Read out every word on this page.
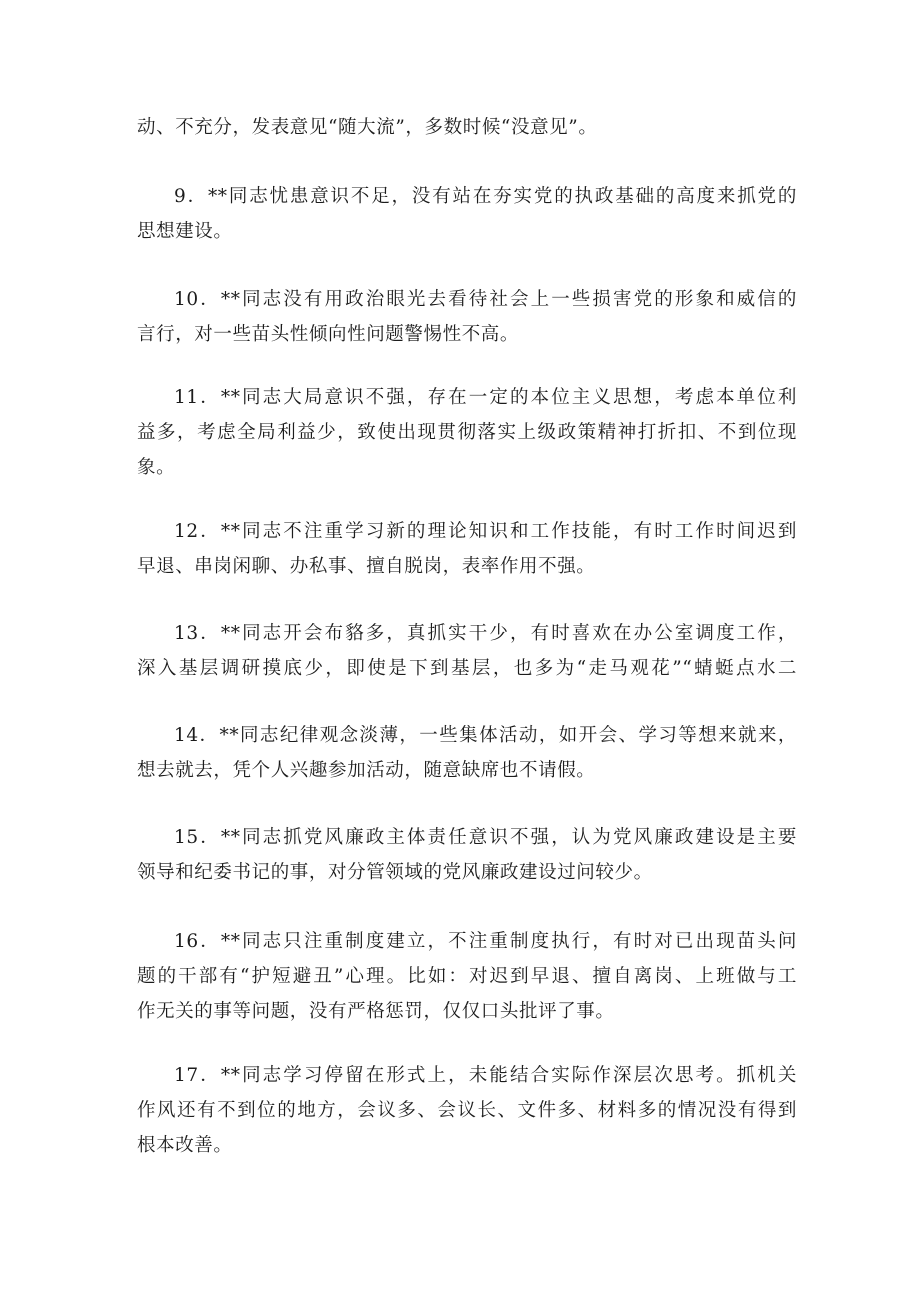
动、不充分，发表意见“随大流”，多数时候“没意见”。
9．**同志忧患意识不足，没有站在夯实党的执政基础的高度来抓党的
思想建设。
10．**同志没有用政治眼光去看待社会上一些损害党的形象和威信的
言行，对一些苗头性倾向性问题警惕性不高。
11．**同志大局意识不强，存在一定的本位主义思想，考虑本单位利
益多，考虑全局利益少，致使出现贯彻落实上级政策精神打折扣、不到位现
象。
12．**同志不注重学习新的理论知识和工作技能，有时工作时间迟到
早退、串岗闲聊、办私事、擅自脱岗，表率作用不强。
13．**同志开会布貉多，真抓实干少，有时喜欢在办公室调度工作，
深入基层调研摸底少，即使是下到基层，也多为“走马观花”“蜻蜓点水二
14．**同志纪律观念淡薄，一些集体活动，如开会、学习等想来就来，
想去就去，凭个人兴趣参加活动，随意缺席也不请假。
15．**同志抓党风廉政主体责任意识不强，认为党风廉政建设是主要
领导和纪委书记的事，对分管领域的党风廉政建设过问较少。
16．**同志只注重制度建立，不注重制度执行，有时对已出现苗头问
题的干部有“护短避丑”心理。比如：对迟到早退、擅自离岗、上班做与工
作无关的事等问题，没有严格惩罚，仅仅口头批评了事。
17．**同志学习停留在形式上，未能结合实际作深层次思考。抓机关
作风还有不到位的地方，会议多、会议长、文件多、材料多的情况没有得到
根本改善。
